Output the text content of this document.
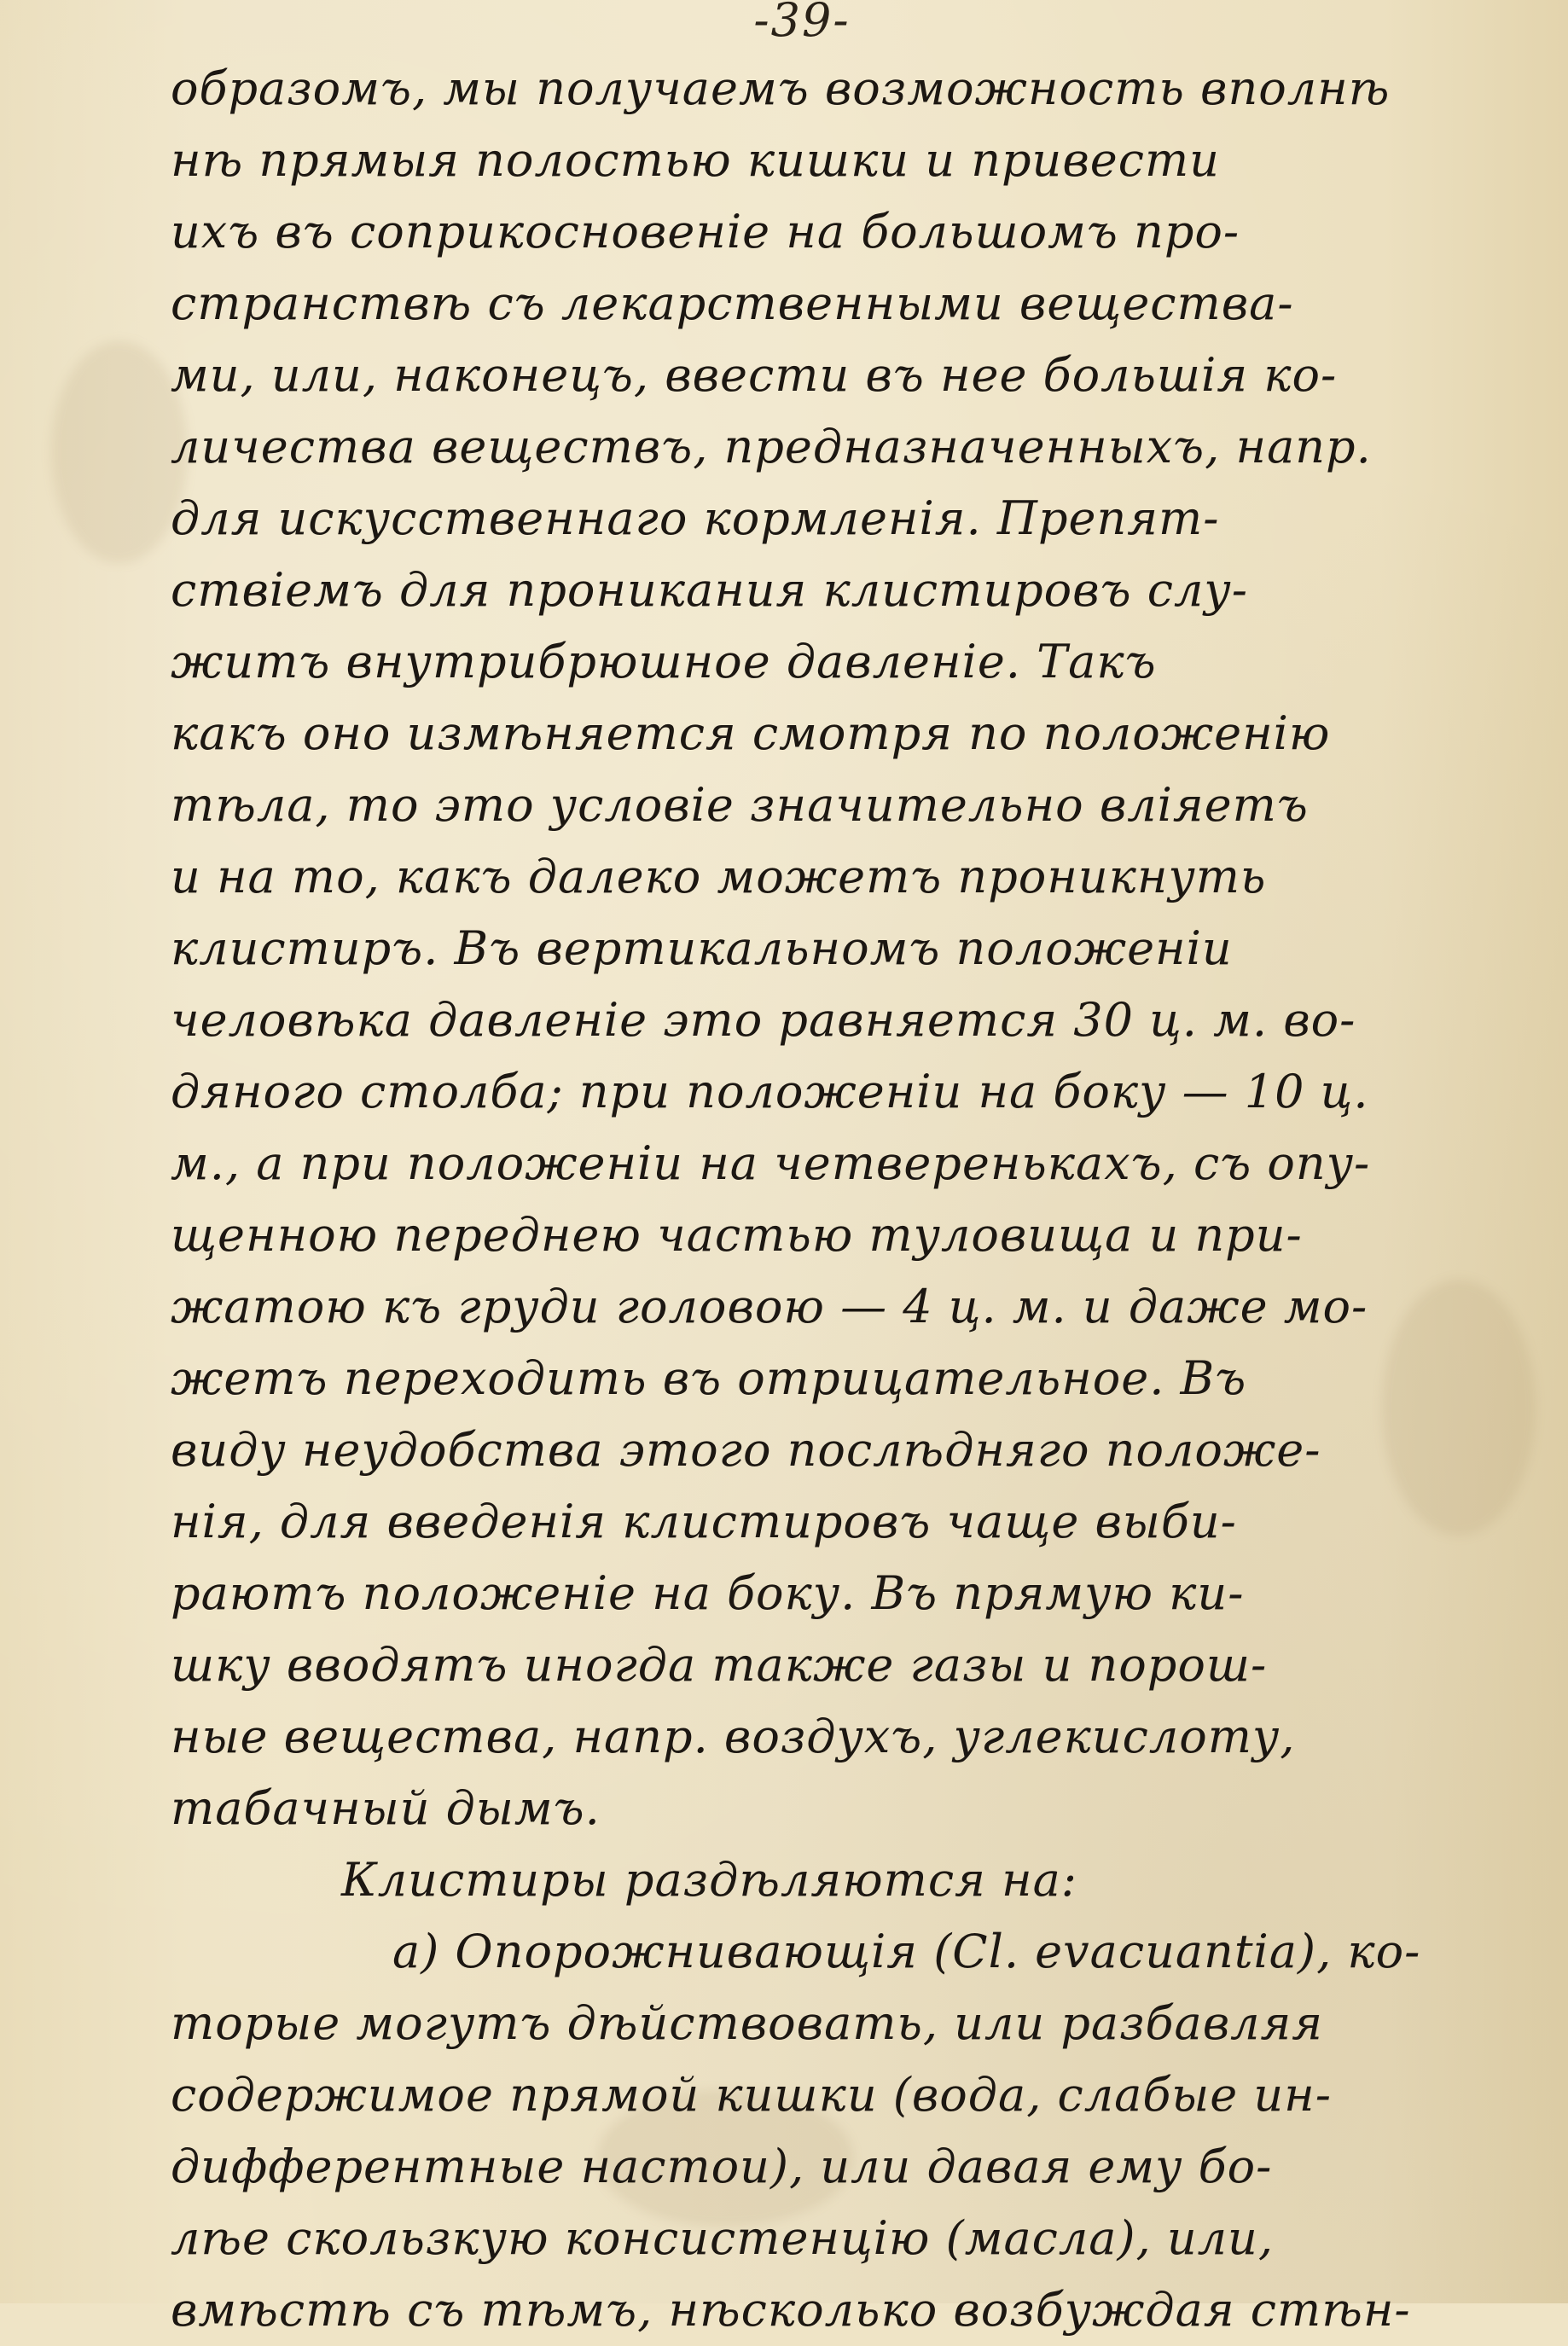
-39-
образомъ, мы получаемъ возможность вполнѣ
нѣ прямыя полостью кишки и привести
ихъ въ соприкосновеніе на большомъ про-
странствѣ съ лекарственными вещества-
ми, или, наконецъ, ввести въ нее большія ко-
личества веществъ, предназначенныхъ, напр.
для искусственнаго кормленія. Препят-
ствіемъ для проникания клистировъ слу-
житъ внутрибрюшное давленіе. Такъ
какъ оно измѣняется смотря по положенію
тѣла, то это условіе значительно вліяетъ
и на то, какъ далеко можетъ проникнуть
клистиръ. Въ вертикальномъ положеніи
человѣка давленіе это равняется 30 ц. м. во-
дяного столба; при положеніи на боку — 10 ц.
м., а при положеніи на четверенькахъ, съ опу-
щенною переднею частью туловища и при-
жатою къ груди головою — 4 ц. м. и даже мо-
жетъ переходить въ отрицательное. Въ
виду неудобства этого послѣдняго положе-
нія, для введенія клистировъ чаще выби-
раютъ положеніе на боку. Въ прямую ки-
шку вводятъ иногда также газы и порош-
ные вещества, напр. воздухъ, углекислоту,
табачный дымъ.
Клистиры раздѣляются на:
а) Опорожнивающія (Cl. evacuantia), ко-
торые могутъ дѣйствовать, или разбавляя
содержимое прямой кишки (вода, слабые ин-
дифферентные настои), или давая ему бо-
лѣе скользкую консистенцію (масла), или,
вмѣстѣ съ тѣмъ, нѣсколько возбуждая стѣн-
